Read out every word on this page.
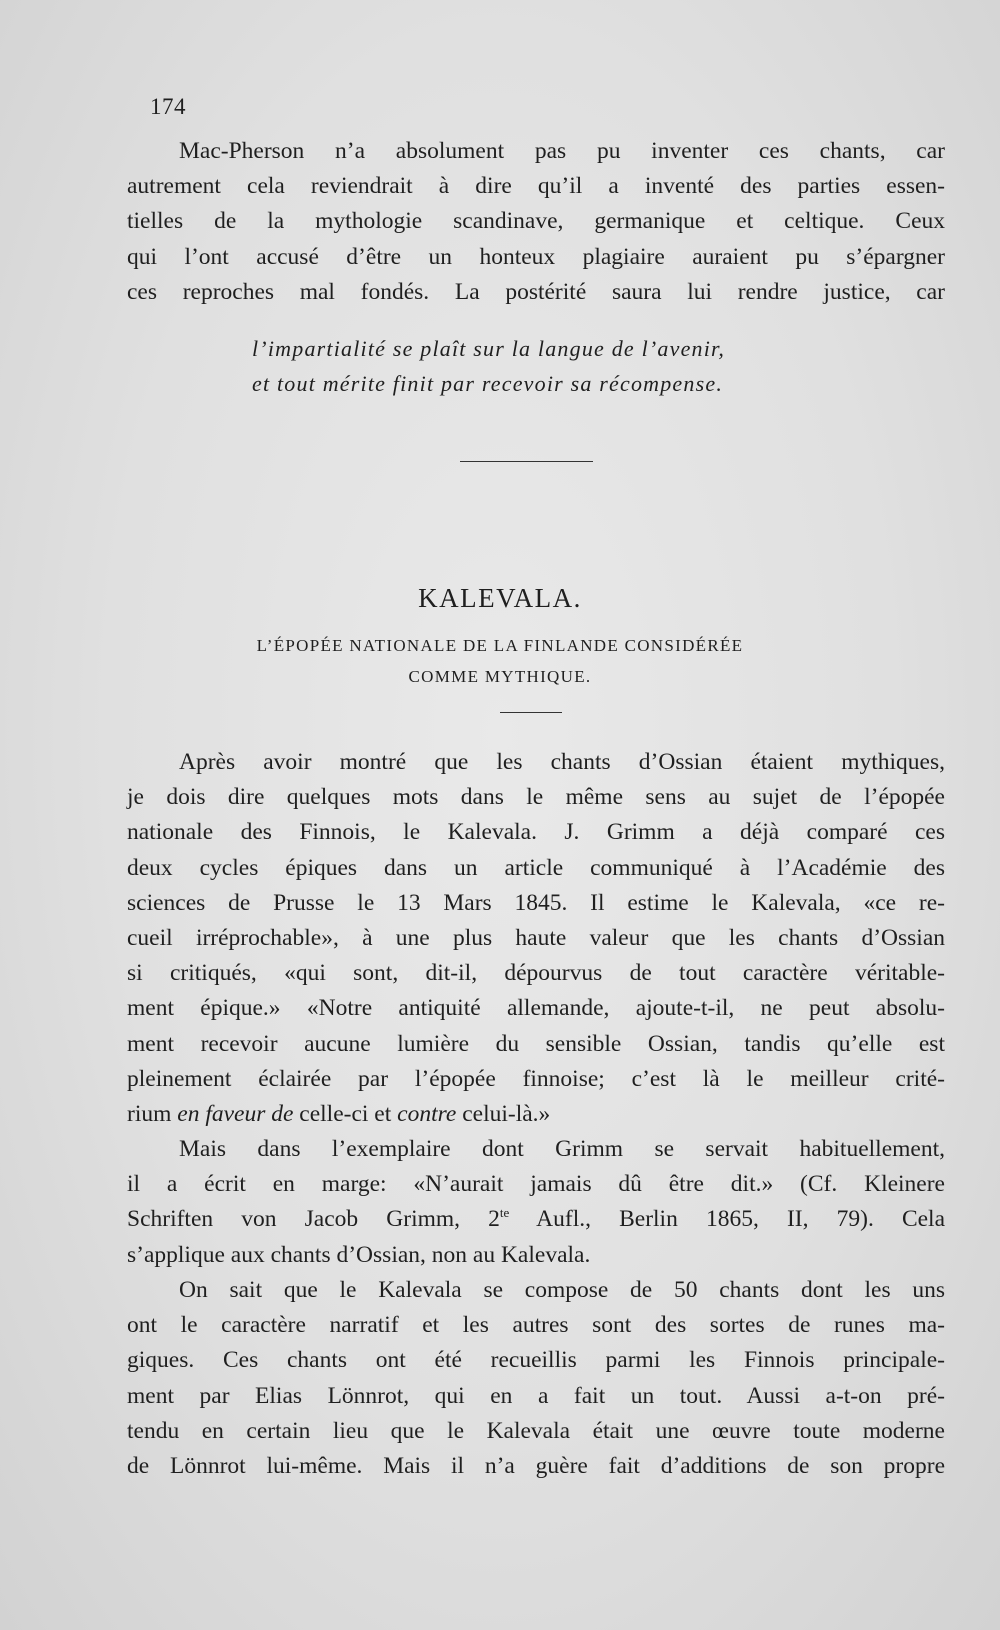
174
Mac-Pherson n’a absolument pas pu inventer ces chants, car
autrement cela reviendrait à dire qu’il a inventé des parties essen-
tielles de la mythologie scandinave, germanique et celtique. Ceux
qui l’ont accusé d’être un honteux plagiaire auraient pu s’épargner
ces reproches mal fondés. La postérité saura lui rendre justice, car
l’impartialité se plaît sur la langue de l’avenir,
et tout mérite finit par recevoir sa récompense.
KALEVALA.
L’ÉPOPÉE NATIONALE DE LA FINLANDE CONSIDÉRÉE
COMME MYTHIQUE.
Après avoir montré que les chants d’Ossian étaient mythiques,
je dois dire quelques mots dans le même sens au sujet de l’épopée
nationale des Finnois, le Kalevala. J. Grimm a déjà comparé ces
deux cycles épiques dans un article communiqué à l’Académie des
sciences de Prusse le 13 Mars 1845. Il estime le Kalevala, «ce re-
cueil irréprochable», à une plus haute valeur que les chants d’Ossian
si critiqués, «qui sont, dit-il, dépourvus de tout caractère véritable-
ment épique.» «Notre antiquité allemande, ajoute-t-il, ne peut absolu-
ment recevoir aucune lumière du sensible Ossian, tandis qu’elle est
pleinement éclairée par l’épopée finnoise; c’est là le meilleur crité-
rium en faveur de celle-ci et contre celui-là.»
Mais dans l’exemplaire dont Grimm se servait habituellement,
il a écrit en marge: «N’aurait jamais dû être dit.» (Cf. Kleinere
Schriften von Jacob Grimm, $2^{te}$ Aufl., Berlin 1865, II, 79). Cela
s’applique aux chants d’Ossian, non au Kalevala.
On sait que le Kalevala se compose de 50 chants dont les uns
ont le caractère narratif et les autres sont des sortes de runes ma-
giques. Ces chants ont été recueillis parmi les Finnois principale-
ment par Elias Lönnrot, qui en a fait un tout. Aussi a-t-on pré-
tendu en certain lieu que le Kalevala était une œuvre toute moderne
de Lönnrot lui-même. Mais il n’a guère fait d’additions de son propre
